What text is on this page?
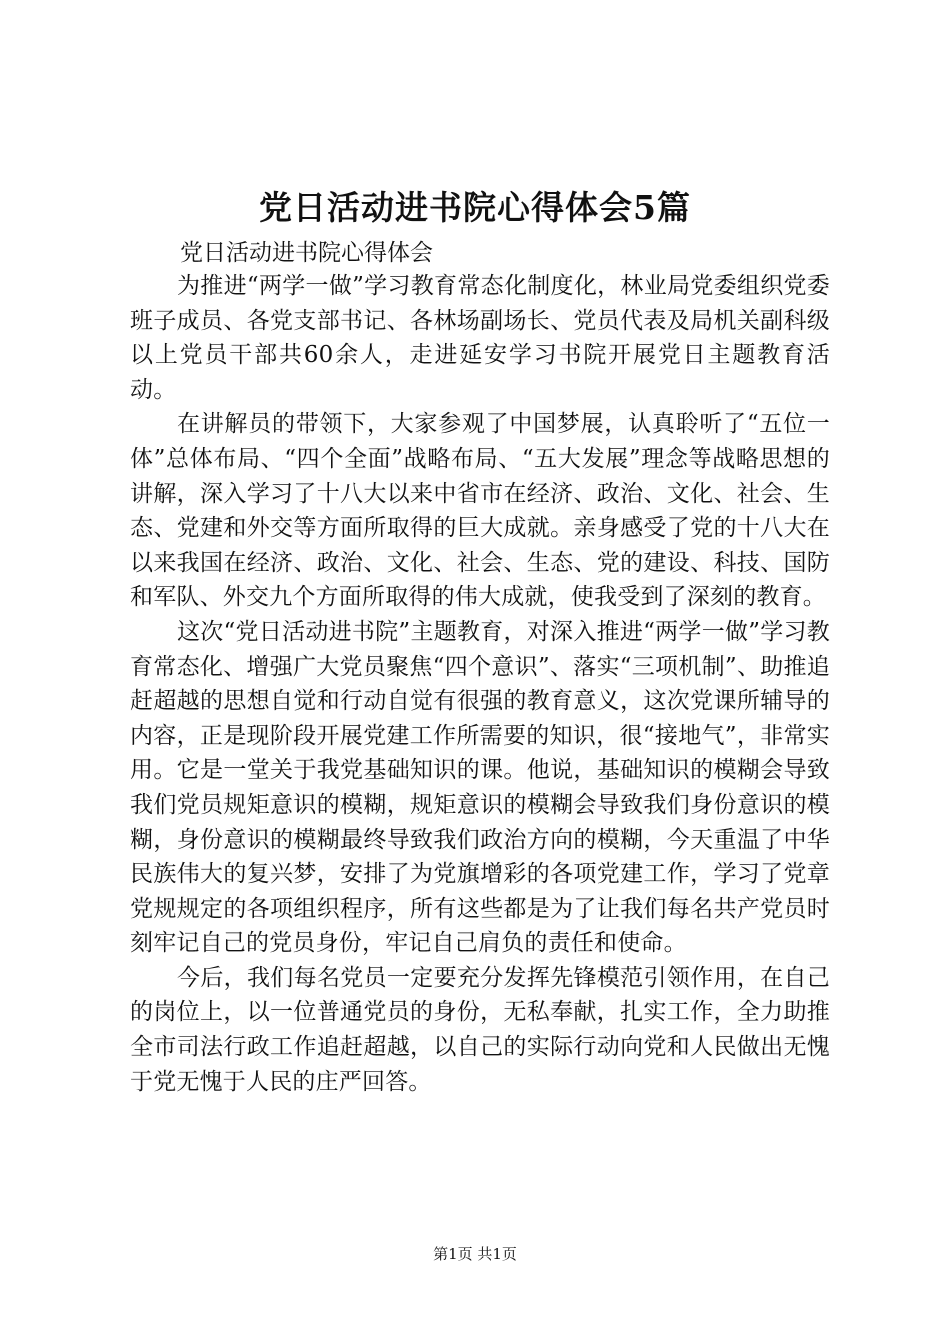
党日活动进书院心得体会5篇

党日活动进书院心得体会

为推进“两学一做”学习教育常态化制度化，林业局党委组织党委班子成员、各党支部书记、各林场副场长、党员代表及局机关副科级以上党员干部共60余人，走进延安学习书院开展党日主题教育活动。

在讲解员的带领下，大家参观了中国梦展，认真聆听了“五位一体”总体布局、“四个全面”战略布局、“五大发展”理念等战略思想的讲解，深入学习了十八大以来中省市在经济、政治、文化、社会、生态、党建和外交等方面所取得的巨大成就。亲身感受了党的十八大在以来我国在经济、政治、文化、社会、生态、党的建设、科技、国防和军队、外交九个方面所取得的伟大成就，使我受到了深刻的教育。

这次“党日活动进书院”主题教育，对深入推进“两学一做”学习教育常态化、增强广大党员聚焦“四个意识”、落实“三项机制”、助推追赶超越的思想自觉和行动自觉有很强的教育意义，这次党课所辅导的内容，正是现阶段开展党建工作所需要的知识，很“接地气”，非常实用。它是一堂关于我党基础知识的课。他说，基础知识的模糊会导致我们党员规矩意识的模糊，规矩意识的模糊会导致我们身份意识的模糊，身份意识的模糊最终导致我们政治方向的模糊，今天重温了中华民族伟大的复兴梦，安排了为党旗增彩的各项党建工作，学习了党章党规规定的各项组织程序，所有这些都是为了让我们每名共产党员时刻牢记自己的党员身份，牢记自己肩负的责任和使命。

今后，我们每名党员一定要充分发挥先锋模范引领作用，在自己的岗位上，以一位普通党员的身份，无私奉献，扎实工作，全力助推全市司法行政工作追赶超越，以自己的实际行动向党和人民做出无愧于党无愧于人民的庄严回答。

第1页 共1页
